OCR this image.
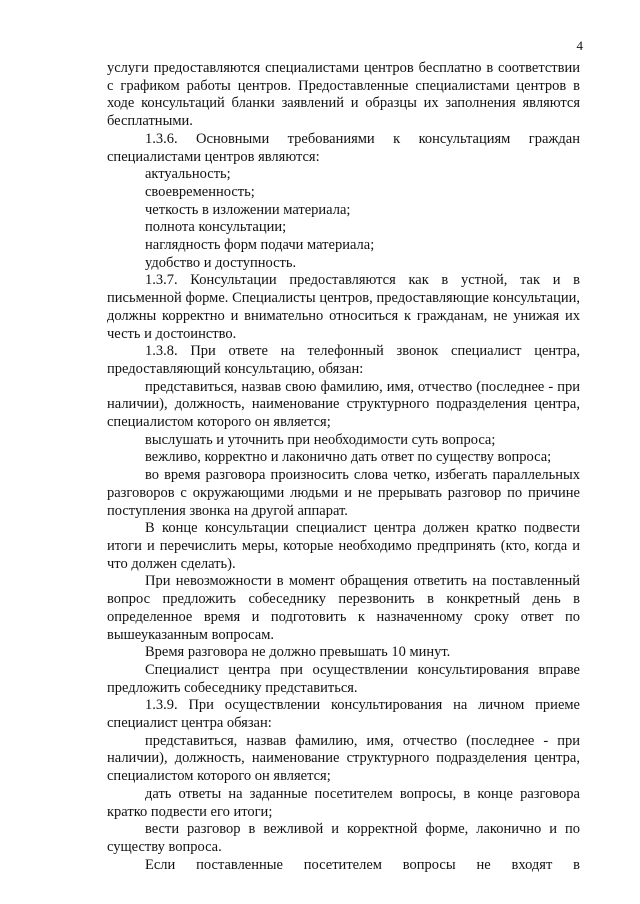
4

услуги предоставляются специалистами центров бесплатно в соответствии с графиком работы центров. Предоставленные специалистами центров в ходе консультаций бланки заявлений и образцы их заполнения являются бесплатными.

1.3.6. Основными требованиями к консультациям граждан специалистами центров являются:

актуальность;

своевременность;

четкость в изложении материала;

полнота консультации;

наглядность форм подачи материала;

удобство и доступность.

1.3.7. Консультации предоставляются как в устной, так и в письменной форме. Специалисты центров, предоставляющие консультации, должны корректно и внимательно относиться к гражданам, не унижая их честь и достоинство.

1.3.8. При ответе на телефонный звонок специалист центра, предоставляющий консультацию, обязан:

представиться, назвав свою фамилию, имя, отчество (последнее - при наличии), должность, наименование структурного подразделения центра, специалистом которого он является;

выслушать и уточнить при необходимости суть вопроса;

вежливо, корректно и лаконично дать ответ по существу вопроса;

во время разговора произносить слова четко, избегать параллельных разговоров с окружающими людьми и не прерывать разговор по причине поступления звонка на другой аппарат.

В конце консультации специалист центра должен кратко подвести итоги и перечислить меры, которые необходимо предпринять (кто, когда и что должен сделать).

При невозможности в момент обращения ответить на поставленный вопрос предложить собеседнику перезвонить в конкретный день в определенное время и подготовить к назначенному сроку ответ по вышеуказанным вопросам.

Время разговора не должно превышать 10 минут.

Специалист центра при осуществлении консультирования вправе предложить собеседнику представиться.

1.3.9. При осуществлении консультирования на личном приеме специалист центра обязан:

представиться, назвав фамилию, имя, отчество (последнее - при наличии), должность, наименование структурного подразделения центра, специалистом которого он является;

дать ответы на заданные посетителем вопросы, в конце разговора кратко подвести его итоги;

вести разговор в вежливой и корректной форме, лаконично и по существу вопроса.

Если поставленные посетителем вопросы не входят в
